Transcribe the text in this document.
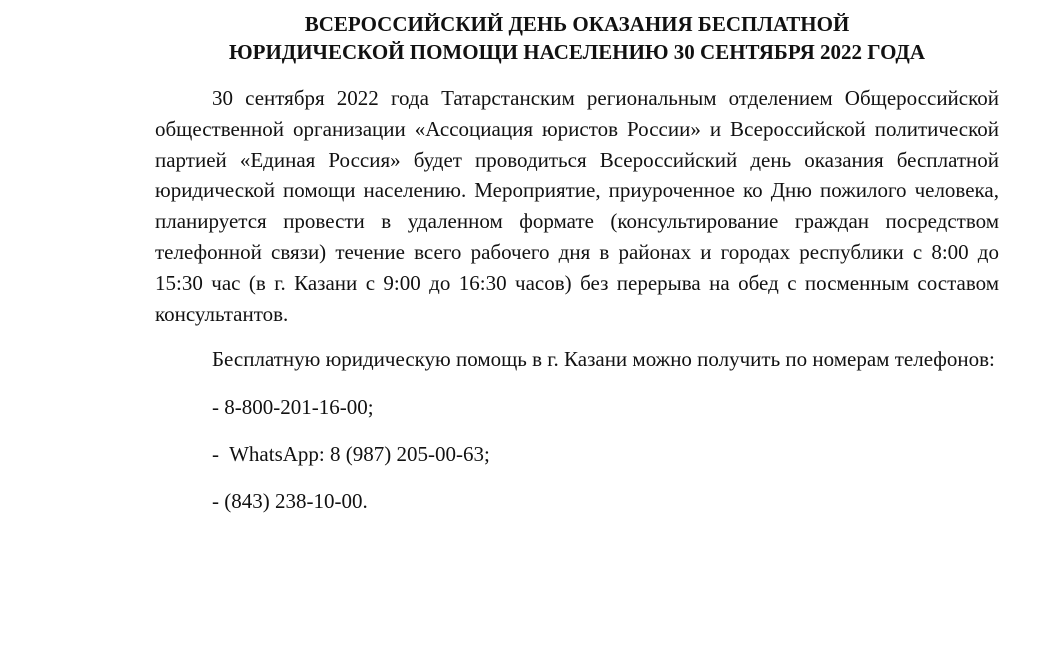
ВСЕРОССИЙСКИЙ ДЕНЬ ОКАЗАНИЯ БЕСПЛАТНОЙ
ЮРИДИЧЕСКОЙ ПОМОЩИ НАСЕЛЕНИЮ 30 СЕНТЯБРЯ 2022 ГОДА

30 сентября 2022 года Татарстанским региональным отделением Общероссийской общественной организации «Ассоциация юристов России» и Всероссийской политической партией «Единая Россия» будет проводиться Всероссийский день оказания бесплатной юридической помощи населению. Мероприятие, приуроченное ко Дню пожилого человека, планируется провести в удаленном формате (консультирование граждан посредством телефонной связи) течение всего рабочего дня в районах и городах республики с 8:00 до 15:30 час (в г. Казани с 9:00 до 16:30 часов) без перерыва на обед с посменным составом консультантов.

Бесплатную юридическую помощь в г. Казани можно получить по номерам телефонов:

- 8-800-201-16-00;
-  WhatsApp: 8 (987) 205-00-63;
- (843) 238-10-00.
